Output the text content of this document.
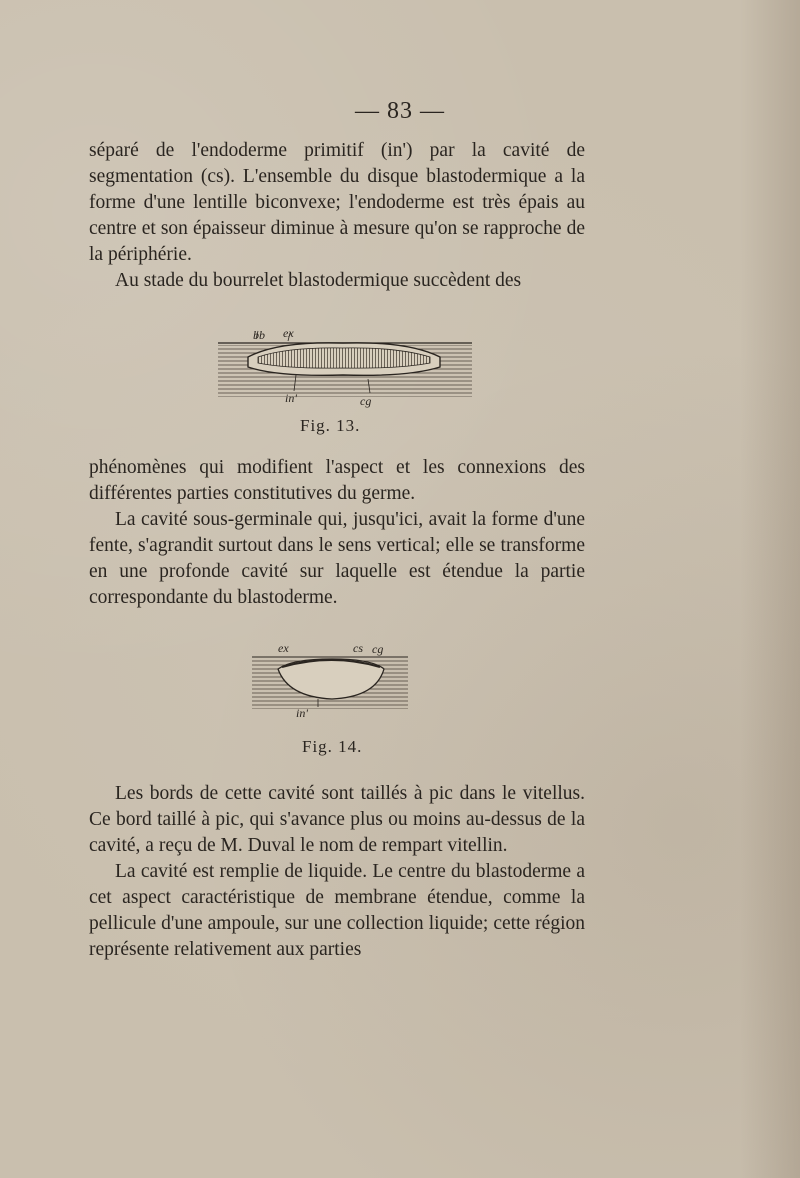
— 83 —

séparé de l'endoderme primitif (in') par la cavité de segmentation (cs). L'ensemble du disque blastodermique a la forme d'une lentille biconvexe; l'endoderme est très épais au centre et son épaisseur diminue à mesure qu'on se rapproche de la périphérie.

Au stade du bourrelet blastodermique succèdent des

bb ex
in'	cg
Fig. 13.

phénomènes qui modifient l'aspect et les connexions des différentes parties constitutives du germe.

La cavité sous-germinale qui, jusqu'ici, avait la forme d'une fente, s'agrandit surtout dans le sens vertical; elle se transforme en une profonde cavité sur laquelle est étendue la partie correspondante du blastoderme.

ex	cs cg
in'
Fig. 14.

Les bords de cette cavité sont taillés à pic dans le vitellus. Ce bord taillé à pic, qui s'avance plus ou moins au-dessus de la cavité, a reçu de M. Duval le nom de rempart vitellin.

La cavité est remplie de liquide. Le centre du blastoderme a cet aspect caractéristique de membrane étendue, comme la pellicule d'une ampoule, sur une collection liquide; cette région représente relativement aux parties
